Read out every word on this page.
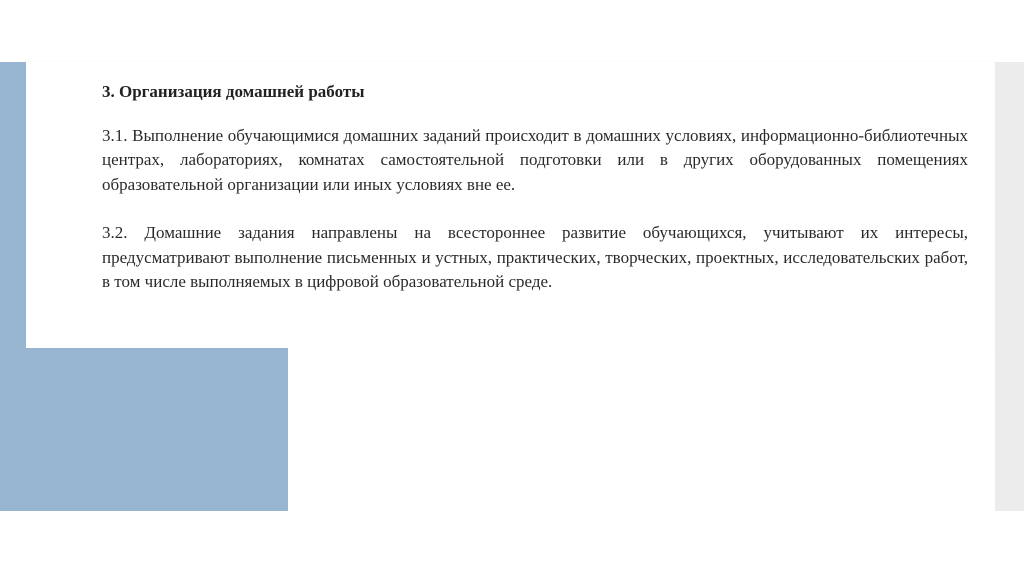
3. Организация домашней работы

3.1. Выполнение обучающимися домашних заданий происходит в домашних условиях, информационно-библиотечных центрах, лабораториях, комнатах самостоятельной подготовки или в других оборудованных помещениях образовательной организации или иных условиях вне ее.

3.2. Домашние задания направлены на всестороннее развитие обучающихся, учитывают их интересы, предусматривают выполнение письменных и устных, практических, творческих, проектных, исследовательских работ, в том числе выполняемых в цифровой образовательной среде.
